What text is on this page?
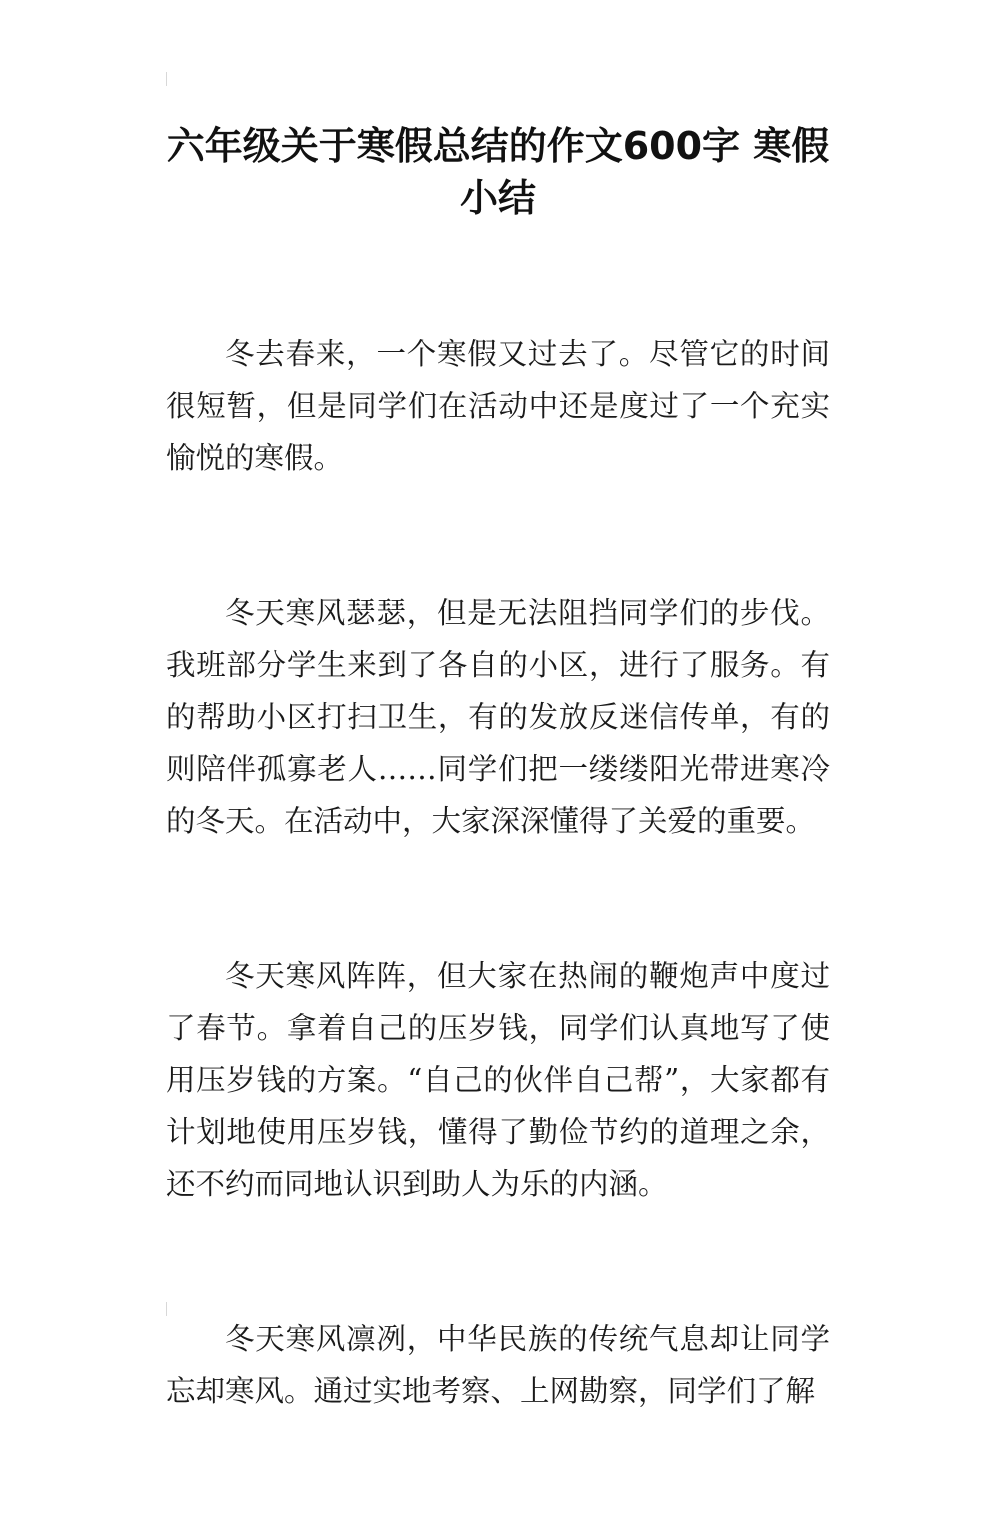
六年级关于寒假总结的作文600字 寒假小结

冬去春来，一个寒假又过去了。尽管它的时间很短暂，但是同学们在活动中还是度过了一个充实愉悦的寒假。

冬天寒风瑟瑟，但是无法阻挡同学们的步伐。我班部分学生来到了各自的小区，进行了服务。有的帮助小区打扫卫生，有的发放反迷信传单，有的则陪伴孤寡老人……同学们把一缕缕阳光带进寒冷的冬天。在活动中，大家深深懂得了关爱的重要。

冬天寒风阵阵，但大家在热闹的鞭炮声中度过了春节。拿着自己的压岁钱，同学们认真地写了使用压岁钱的方案。“自己的伙伴自己帮”，大家都有计划地使用压岁钱，懂得了勤俭节约的道理之余，还不约而同地认识到助人为乐的内涵。

冬天寒风凛冽，中华民族的传统气息却让同学忘却寒风。通过实地考察、上网勘察，同学们了解
